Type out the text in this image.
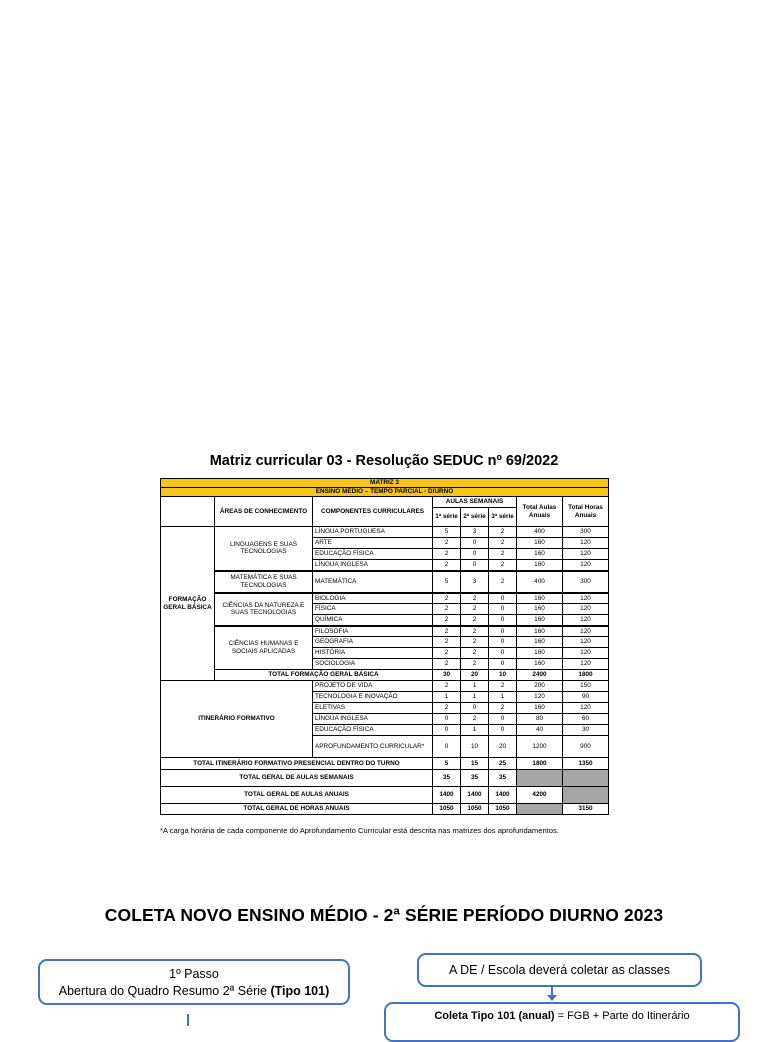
Matriz curricular 03 - Resolução SEDUC nº 69/2022
MATRIZ 3							
ENSINO MÉDIO – TEMPO PARCIAL - DIURNO							
	ÁREAS DE CONHECIMENTO	COMPONENTES CURRICULARES	AULAS SEMANAIS			Total Aulas Anuais	Total Horas Anuais
			1ª série	2ª série	3ª série		
FORMAÇÃO GERAL BÁSICA	LINGUAGENS E SUAS TECNOLOGIAS	LÍNGUA PORTUGUESA	5	3	2	400	300
		ARTE	2	0	2	160	120
		EDUCAÇÃO FÍSICA	2	0	2	160	120
		LÍNGUA INGLESA	2	0	2	160	120
	MATEMÁTICA E SUAS TECNOLOGIAS	MATEMÁTICA	5	3	2	400	300
	CIÊNCIAS DA NATUREZA E SUAS TECNOLOGIAS	BIOLOGIA	2	2	0	160	120
		FÍSICA	2	2	0	160	120
		QUÍMICA	2	2	0	160	120
	CIÊNCIAS HUMANAS E SOCIAIS APLICADAS	FILOSOFIA	2	2	0	160	120
		GEOGRAFIA	2	2	0	160	120
		HISTÓRIA	2	2	0	160	120
		SOCIOLOGIA	2	2	0	160	120
	TOTAL FORMAÇÃO GERAL BÁSICA		30	20	10	2400	1800
ITINERÁRIO FORMATIVO		PROJETO DE VIDA	2	1	2	200	150
		TECNOLOGIA E INOVAÇÃO	1	1	1	120	90
		ELETIVAS	2	0	2	160	120
		LÍNGUA INGLESA	0	2	0	80	60
		EDUCAÇÃO FÍSICA	0	1	0	40	30
		APROFUNDAMENTO CURRICULAR*	0	10	20	1200	900
TOTAL ITINERÁRIO FORMATIVO PRESENCIAL DENTRO DO TURNO			5	15	25	1800	1350
TOTAL GERAL DE AULAS SEMANAIS			35	35	35		
TOTAL GERAL DE AULAS ANUAIS			1400	1400	1400	4200	
TOTAL GERAL DE HORAS ANUAIS			1050	1050	1050		3150
*A carga horária de cada componente do Aprofundamento Curricular está descrita nas matrizes dos aprofundamentos.
COLETA NOVO ENSINO MÉDIO - 2ª SÉRIE PERÍODO DIURNO 2023
1º Passo
Abertura do Quadro Resumo 2ª Série (Tipo 101)
A DE / Escola deverá coletar as classes
Coleta Tipo 101 (anual) = FGB + Parte do Itinerário
